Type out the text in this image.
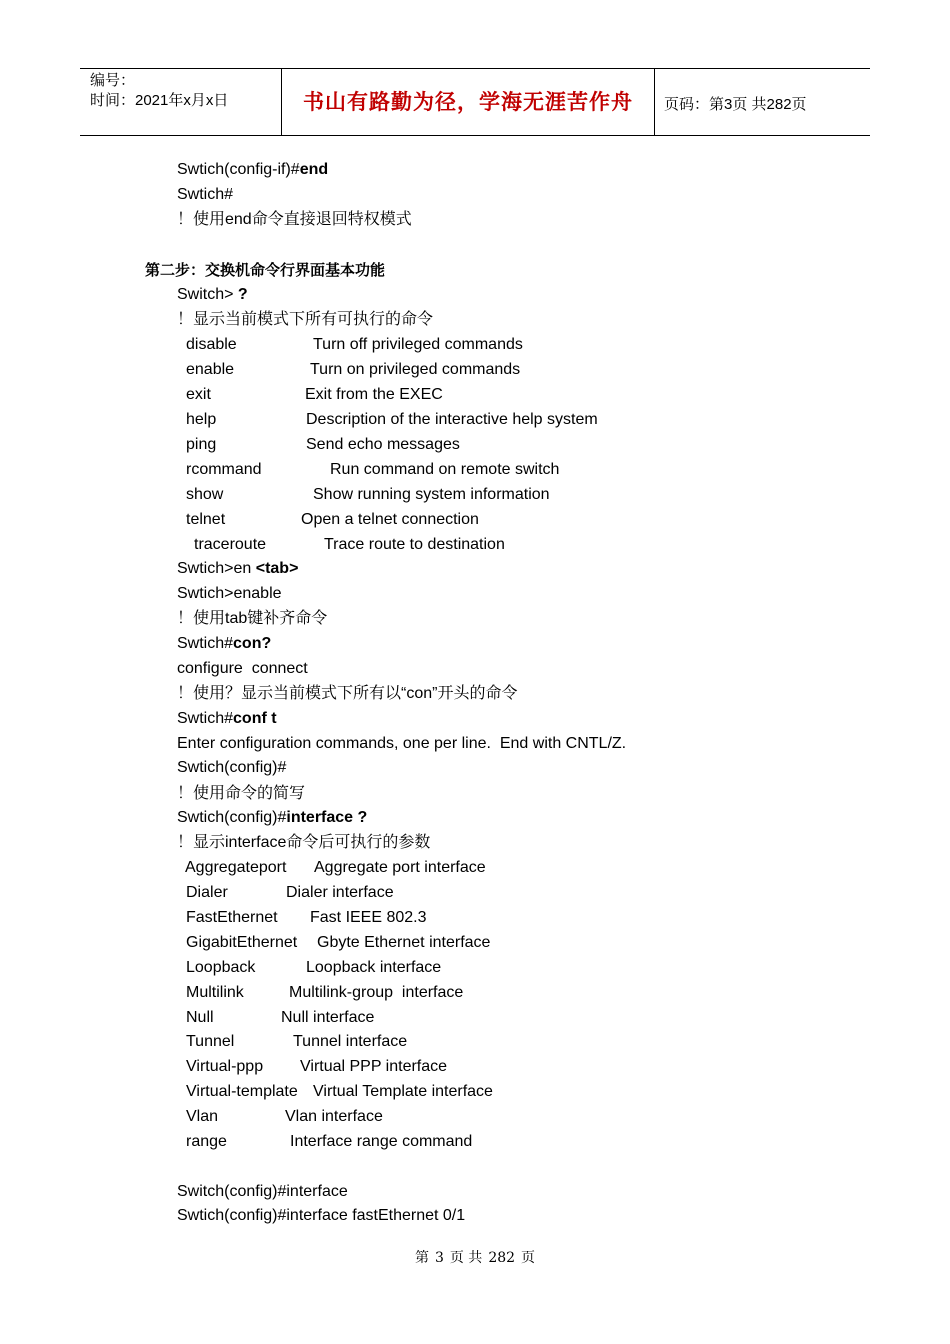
编号：
时间：2021年x月x日	书山有路勤为径，学海无涯苦作舟	页码：第3页 共282页
Swtich(config-if)#end
Swtich#
！使用end命令直接退回特权模式
第二步：交换机命令行界面基本功能
Switch> ?
！显示当前模式下所有可执行的命令
disable	Turn off privileged commands
enable	Turn on privileged commands
exit	Exit from the EXEC
help	Description of the interactive help system
ping	Send echo messages
rcommand	Run command on remote switch
show	Show running system information
telnet	Open a telnet connection
traceroute	Trace route to destination
Swtich>en <tab>
Swtich>enable
！使用tab键补齐命令
Swtich#con?
configure  connect
！使用？显示当前模式下所有以“con”开头的命令
Swtich#conf t
Enter configuration commands, one per line.  End with CNTL/Z.
Swtich(config)#
！使用命令的简写
Swtich(config)#interface ?
！显示interface命令后可执行的参数
Aggregateport Aggregate port interface
Dialer	Dialer interface
FastEthernet Fast IEEE 802.3
GigabitEthernet Gbyte Ethernet interface
Loopback	Loopback interface
Multilink	Multilink-group  interface
Null	Null interface
Tunnel	Tunnel interface
Virtual-ppp Virtual PPP interface
Virtual-template Virtual Template interface
Vlan	Vlan interface
range	Interface range command
Switch(config)#interface
Swtich(config)#interface fastEthernet 0/1
第 3 页 共 282 页
